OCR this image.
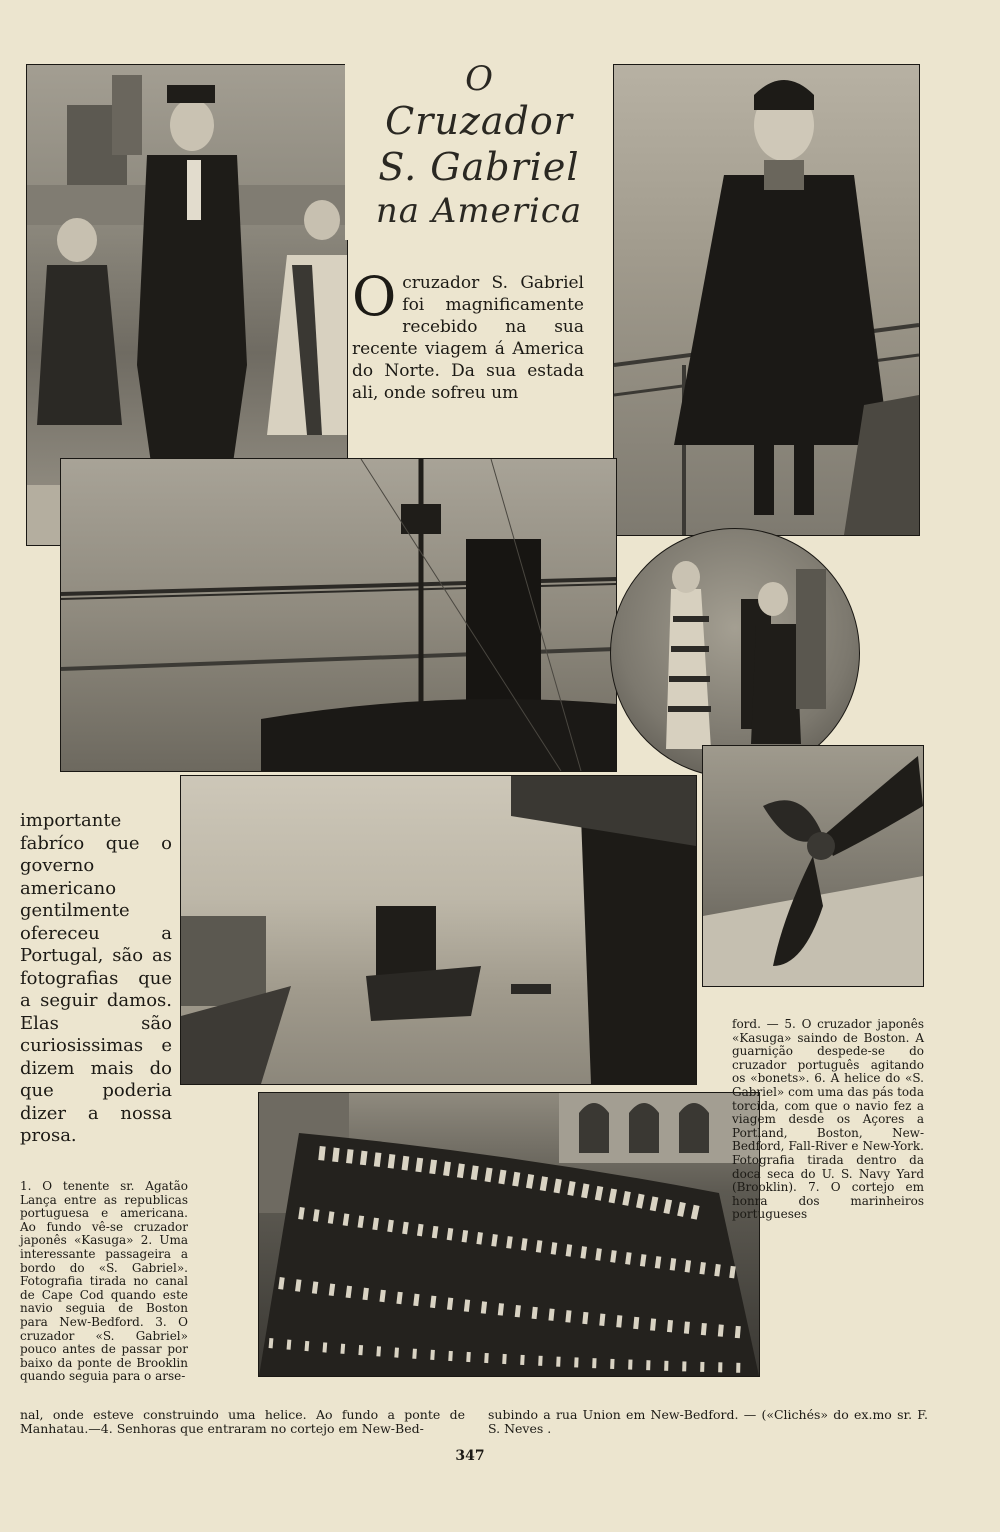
O
Cruzador
S. Gabriel
na America
Ocruzador S. Gabriel foi magnificamente recebido na sua recente viagem á America do Norte. Da sua estada ali, onde sofreu um
importante fabríco que o governo americano gentilmente ofereceu a Portugal, são as fotografias que a seguir damos. Elas são curiosissimas e dizem mais do que poderia dizer a nossa prosa.
1. O tenente sr. Agatão Lança entre as republicas portuguesa e americana. Ao fundo vê-se cruzador japonês «Kasuga» 2. Uma interessante passageira a bordo do «S. Gabriel». Fotografia tirada no canal de Cape Cod quando este navio seguia de Boston para New-Bedford. 3. O cruzador «S. Gabriel» pouco antes de passar por baixo da ponte de Brooklin quando seguia para o arse-
ford. — 5. O cruzador japonês «Kasuga» saindo de Boston. A guarnição despede-se do cruzador português agitando os «bonets». 6. A helice do «S. Gabriel» com uma das pás toda torcida, com que o navio fez a viagem desde os Açores a Portland, Boston, New-Bedford, Fall-River e New-York. Fotografia tirada dentro da doca seca do U. S. Navy Yard (Brooklin). 7. O cortejo em honra dos marinheiros portugueses
nal, onde esteve construindo uma helice. Ao fundo a ponte de Manhatau.—4. Senhoras que entraram no cortejo em New-Bed-
subindo a rua Union em New-Bedford. — («Clichés» do ex.mo sr. F. S. Neves .
347
